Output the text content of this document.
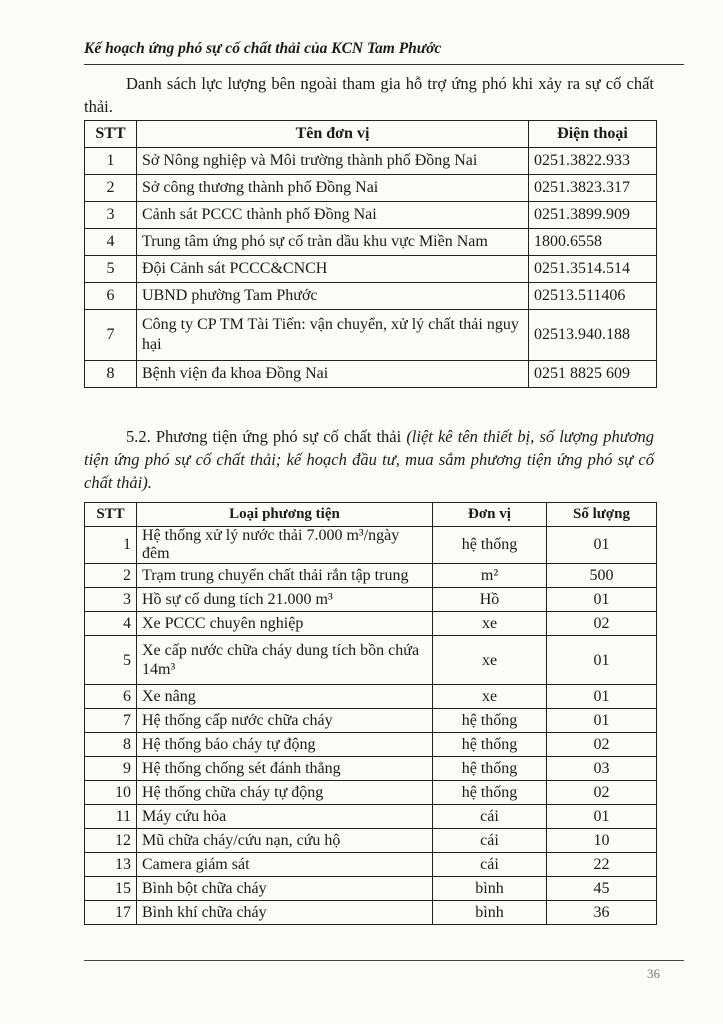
Kế hoạch ứng phó sự cố chất thải của KCN Tam Phước
Danh sách lực lượng bên ngoài tham gia hỗ trợ ứng phó khi xảy ra sự cố chất thải.
STT	Tên đơn vị	Điện thoại
1	Sở Nông nghiệp và Môi trường thành phố Đồng Nai	0251.3822.933
2	Sở công thương thành phố Đồng Nai	0251.3823.317
3	Cảnh sát PCCC thành phố Đồng Nai	0251.3899.909
4	Trung tâm ứng phó sự cố tràn dầu khu vực Miền Nam	1800.6558
5	Đội Cảnh sát PCCC&CNCH	0251.3514.514
6	UBND phường Tam Phước	02513.511406
7	Công ty CP TM Tài Tiến: vận chuyển, xử lý chất thải nguy hại	02513.940.188
8	Bệnh viện đa khoa Đồng Nai	0251 8825 609
5.2. Phương tiện ứng phó sự cố chất thải (liệt kê tên thiết bị, số lượng phương tiện ứng phó sự cố chất thải; kế hoạch đầu tư, mua sắm phương tiện ứng phó sự cố chất thải).
STT	Loại phương tiện	Đơn vị	Số lượng
1	Hệ thống xử lý nước thải 7.000 m³/ngày đêm	hệ thống	01
2	Trạm trung chuyển chất thải rắn tập trung	m²	500
3	Hồ sự cố dung tích 21.000 m³	Hồ	01
4	Xe PCCC chuyên nghiệp	xe	02
5	Xe cấp nước chữa cháy dung tích bồn chứa 14m³	xe	01
6	Xe nâng	xe	01
7	Hệ thống cấp nước chữa cháy	hệ thống	01
8	Hệ thống báo cháy tự động	hệ thống	02
9	Hệ thống chống sét đánh thẳng	hệ thống	03
10	Hệ thống chữa cháy tự động	hệ thống	02
11	Máy cứu hỏa	cái	01
12	Mũ chữa cháy/cứu nạn, cứu hộ	cái	10
13	Camera giám sát	cái	22
15	Bình bột chữa cháy	bình	45
17	Bình khí chữa cháy	bình	36
36
